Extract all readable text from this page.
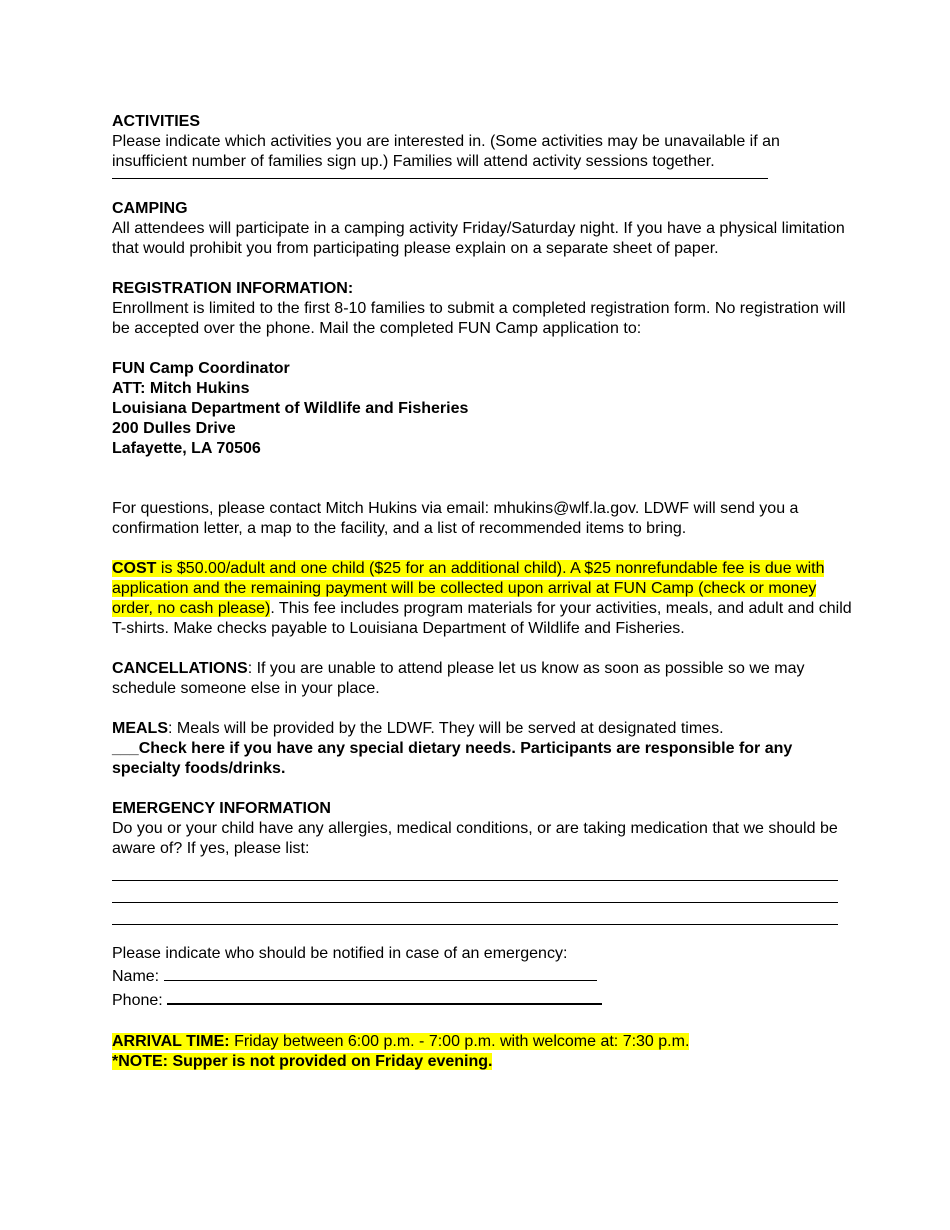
ACTIVITIES

Please indicate which activities you are interested in. (Some activities may be unavailable if an insufficient number of families sign up.) Families will attend activity sessions together.

CAMPING

All attendees will participate in a camping activity Friday/Saturday night. If you have a physical limitation that would prohibit you from participating please explain on a separate sheet of paper.

REGISTRATION INFORMATION:

Enrollment is limited to the first 8-10 families to submit a completed registration form. No registration will be accepted over the phone. Mail the completed FUN Camp application to:

FUN Camp Coordinator

ATT: Mitch Hukins

Louisiana Department of Wildlife and Fisheries

200 Dulles Drive

Lafayette, LA 70506

For questions, please contact Mitch Hukins via email: mhukins@wlf.la.gov. LDWF will send you a confirmation letter, a map to the facility, and a list of recommended items to bring.

COST is $50.00/adult and one child ($25 for an additional child). A $25 nonrefundable fee is due with application and the remaining payment will be collected upon arrival at FUN Camp (check or money order, no cash please). This fee includes program materials for your activities, meals, and adult and child T-shirts. Make checks payable to Louisiana Department of Wildlife and Fisheries.

CANCELLATIONS: If you are unable to attend please let us know as soon as possible so we may schedule someone else in your place.

MEALS: Meals will be provided by the LDWF. They will be served at designated times.

___Check here if you have any special dietary needs. Participants are responsible for any specialty foods/drinks.

EMERGENCY INFORMATION

Do you or your child have any allergies, medical conditions, or are taking medication that we should be aware of? If yes, please list:

Please indicate who should be notified in case of an emergency:

Name:

Phone:

ARRIVAL TIME: Friday between 6:00 p.m. - 7:00 p.m. with welcome at: 7:30 p.m.

*NOTE: Supper is not provided on Friday evening.
